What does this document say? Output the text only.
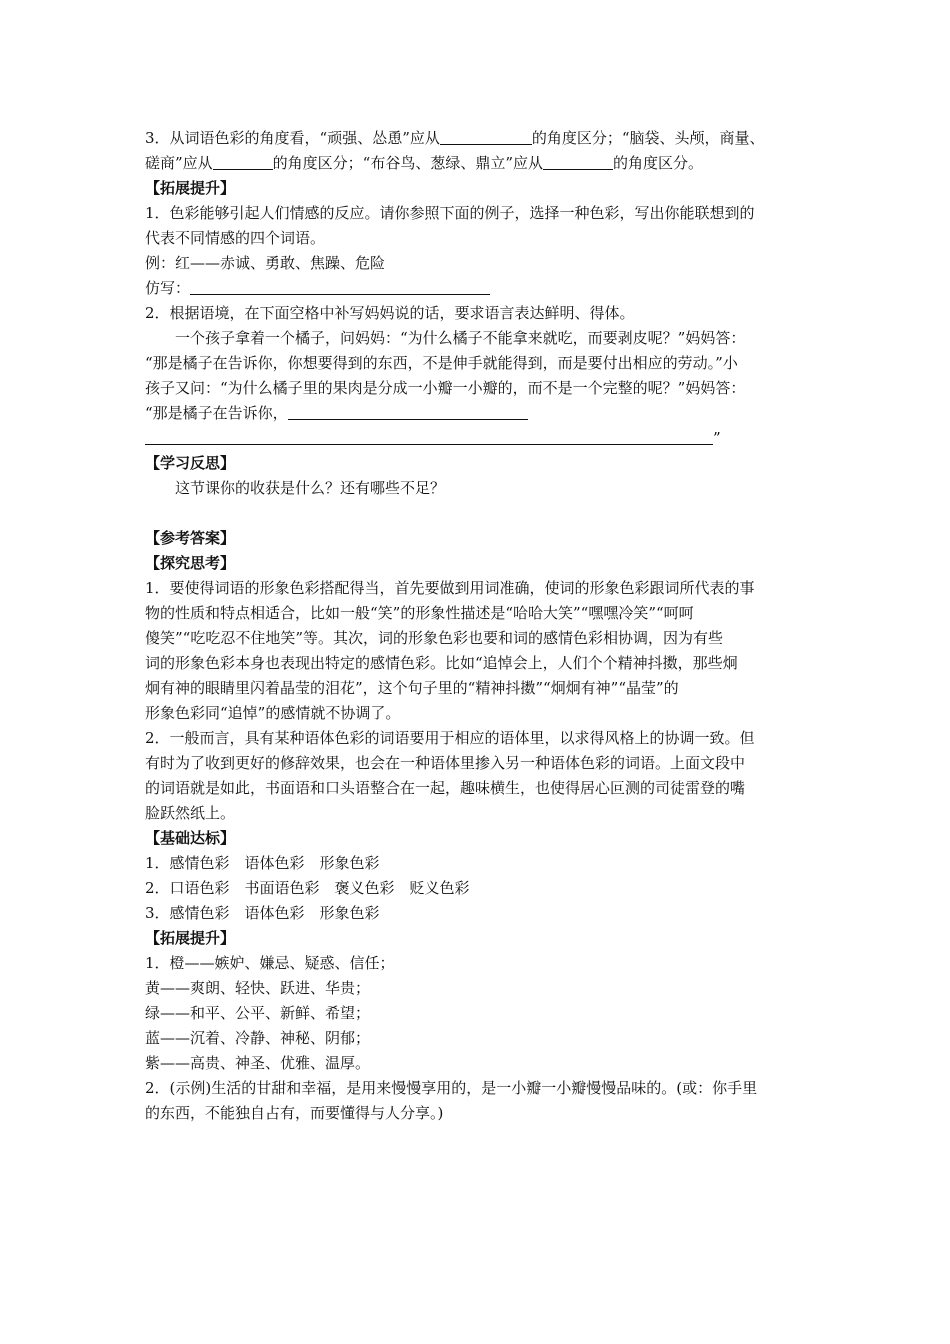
3．从词语色彩的角度看，“顽强、怂恿”应从	的角度区分；“脑袋、头颅，商量、
磋商”应从	的角度区分；“布谷鸟、葱绿、鼎立”应从	的角度区分。

【拓展提升】

1．色彩能够引起人们情感的反应。请你参照下面的例子，选择一种色彩，写出你能联想到的

代表不同情感的四个词语。

例：红——赤诚、勇敢、焦躁、危险

仿写：

2．根据语境，在下面空格中补写妈妈说的话，要求语言表达鲜明、得体。

一个孩子拿着一个橘子，问妈妈：“为什么橘子不能拿来就吃，而要剥皮呢？”妈妈答：

“那是橘子在告诉你，你想要得到的东西，不是伸手就能得到，而是要付出相应的劳动。”小

孩子又问：“为什么橘子里的果肉是分成一小瓣一小瓣的，而不是一个完整的呢？”妈妈答：

“那是橘子在告诉你，

”

【学习反思】

这节课你的收获是什么？还有哪些不足？

【参考答案】

【探究思考】

1．要使得词语的形象色彩搭配得当，首先要做到用词准确，使词的形象色彩跟词所代表的事

物的性质和特点相适合，比如一般“笑”的形象性描述是“哈哈大笑”“嘿嘿冷笑”“呵呵

傻笑”“吃吃忍不住地笑”等。其次，词的形象色彩也要和词的感情色彩相协调，因为有些

词的形象色彩本身也表现出特定的感情色彩。比如“追悼会上，人们个个精神抖擞，那些炯

炯有神的眼睛里闪着晶莹的泪花”，这个句子里的“精神抖擞”“炯炯有神”“晶莹”的

形象色彩同“追悼”的感情就不协调了。

2．一般而言，具有某种语体色彩的词语要用于相应的语体里，以求得风格上的协调一致。但

有时为了收到更好的修辞效果，也会在一种语体里掺入另一种语体色彩的词语。上面文段中

的词语就是如此，书面语和口头语整合在一起，趣味横生，也使得居心叵测的司徒雷登的嘴

脸跃然纸上。

【基础达标】

1．感情色彩　语体色彩　形象色彩

2．口语色彩　书面语色彩　褒义色彩　贬义色彩

3．感情色彩　语体色彩　形象色彩

【拓展提升】

1．橙——嫉妒、嫌忌、疑惑、信任；

黄——爽朗、轻快、跃进、华贵；

绿——和平、公平、新鲜、希望；

蓝——沉着、冷静、神秘、阴郁；

紫——高贵、神圣、优雅、温厚。

2．(示例)生活的甘甜和幸福，是用来慢慢享用的，是一小瓣一小瓣慢慢品味的。(或：你手里

的东西，不能独自占有，而要懂得与人分享。)
